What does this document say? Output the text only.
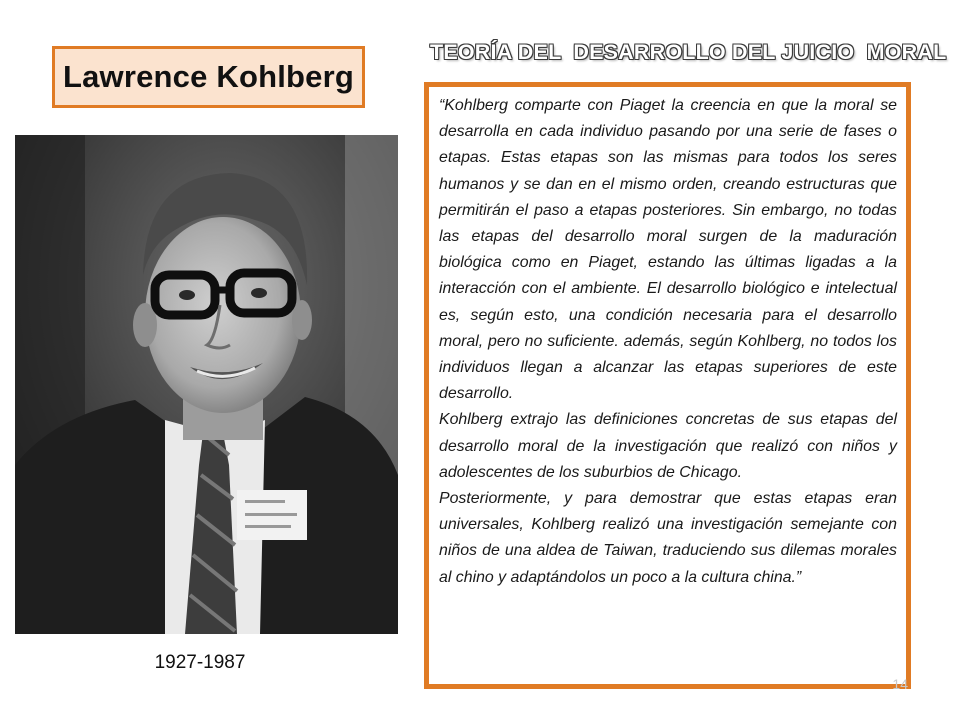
Lawrence Kohlberg
TEORÍA DEL  DESARROLLO DEL JUICIO  MORAL
1927-1987

“Kohlberg comparte con Piaget la creencia en que la moral se desarrolla en cada individuo pasando por una serie de fases o etapas. Estas etapas son las mismas para todos los seres humanos y se dan en el mismo orden, creando estructuras que permitirán el paso a etapas posteriores. Sin embargo, no todas las etapas del desarrollo moral surgen de la maduración biológica como en Piaget, estando las últimas ligadas a la interacción con el ambiente. El desarrollo biológico e intelectual es, según esto, una condición necesaria para el desarrollo moral, pero no suficiente. además, según Kohlberg, no todos los individuos llegan a alcanzar las etapas superiores de este desarrollo.

Kohlberg extrajo las definiciones concretas de sus etapas del desarrollo moral de la investigación que realizó con niños y adolescentes de los suburbios de Chicago.

Posteriormente, y para demostrar que estas etapas eran universales, Kohlberg realizó una investigación semejante con niños de una aldea de Taiwan, traduciendo sus dilemas morales al chino y adaptándolos un poco a la cultura china.”

14
